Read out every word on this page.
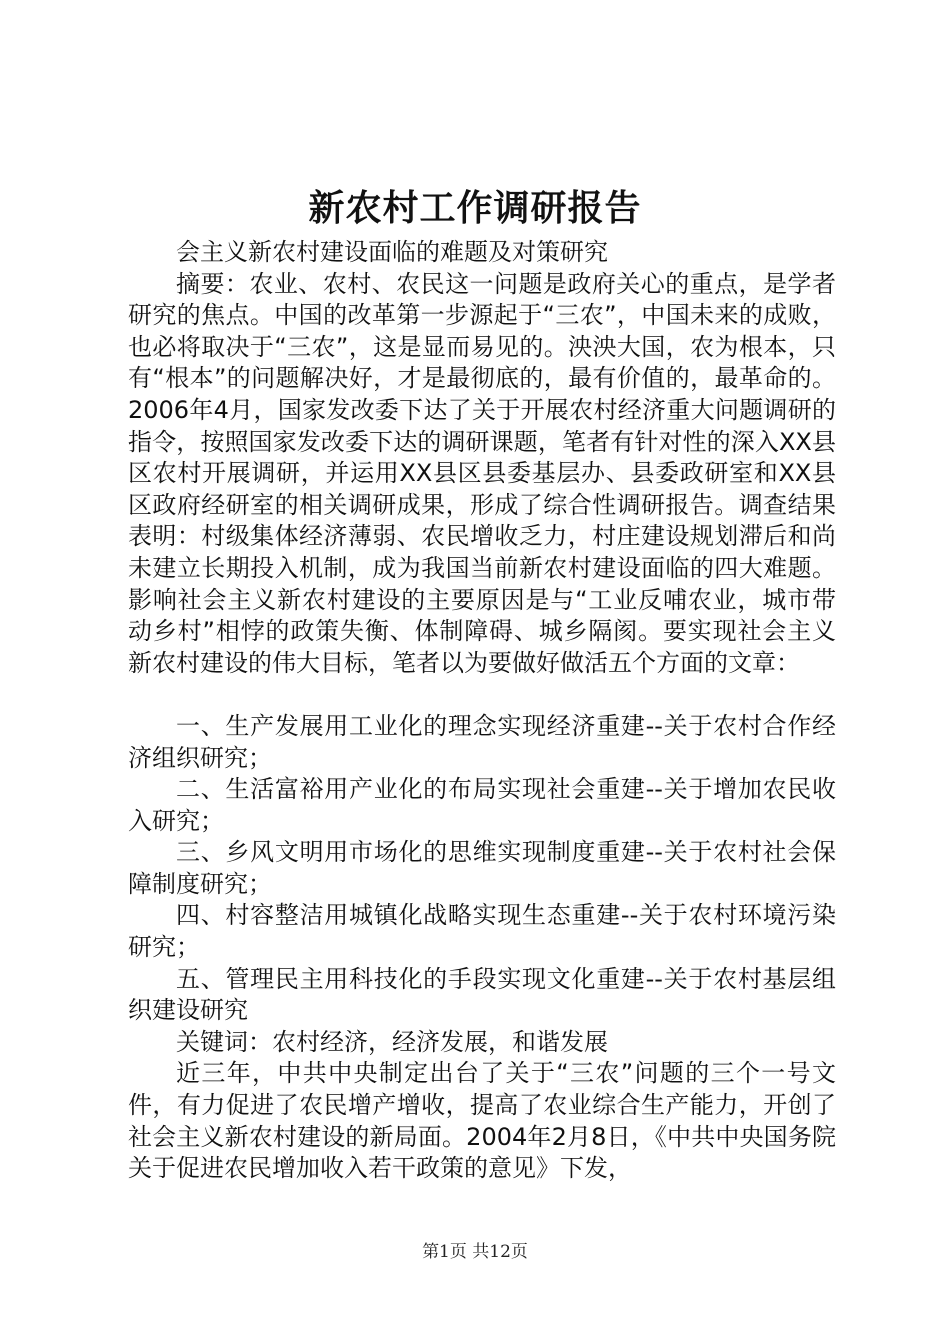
新农村工作调研报告

会主义新农村建设面临的难题及对策研究

摘要：农业、农村、农民这一问题是政府关心的重点，是学者研究的焦点。中国的改革第一步源起于“三农”，中国未来的成败，也必将取决于“三农”，这是显而易见的。泱泱大国，农为根本，只有“根本”的问题解决好，才是最彻底的，最有价值的，最革命的。2006年4月，国家发改委下达了关于开展农村经济重大问题调研的指令，按照国家发改委下达的调研课题，笔者有针对性的深入XX县区农村开展调研，并运用XX县区县委基层办、县委政研室和XX县区政府经研室的相关调研成果，形成了综合性调研报告。调查结果表明：村级集体经济薄弱、农民增收乏力，村庄建设规划滞后和尚未建立长期投入机制，成为我国当前新农村建设面临的四大难题。影响社会主义新农村建设的主要原因是与“工业反哺农业，城市带动乡村”相悖的政策失衡、体制障碍、城乡隔阂。要实现社会主义新农村建设的伟大目标，笔者以为要做好做活五个方面的文章：

一、生产发展用工业化的理念实现经济重建--关于农村合作经济组织研究；

二、生活富裕用产业化的布局实现社会重建--关于增加农民收入研究；

三、乡风文明用市场化的思维实现制度重建--关于农村社会保障制度研究；

四、村容整洁用城镇化战略实现生态重建--关于农村环境污染研究；

五、管理民主用科技化的手段实现文化重建--关于农村基层组织建设研究

关键词：农村经济，经济发展，和谐发展

近三年，中共中央制定出台了关于“三农”问题的三个一号文件，有力促进了农民增产增收，提高了农业综合生产能力，开创了社会主义新农村建设的新局面。2004年2月8日，《中共中央国务院关于促进农民增加收入若干政策的意见》下发，

第1页 共12页
